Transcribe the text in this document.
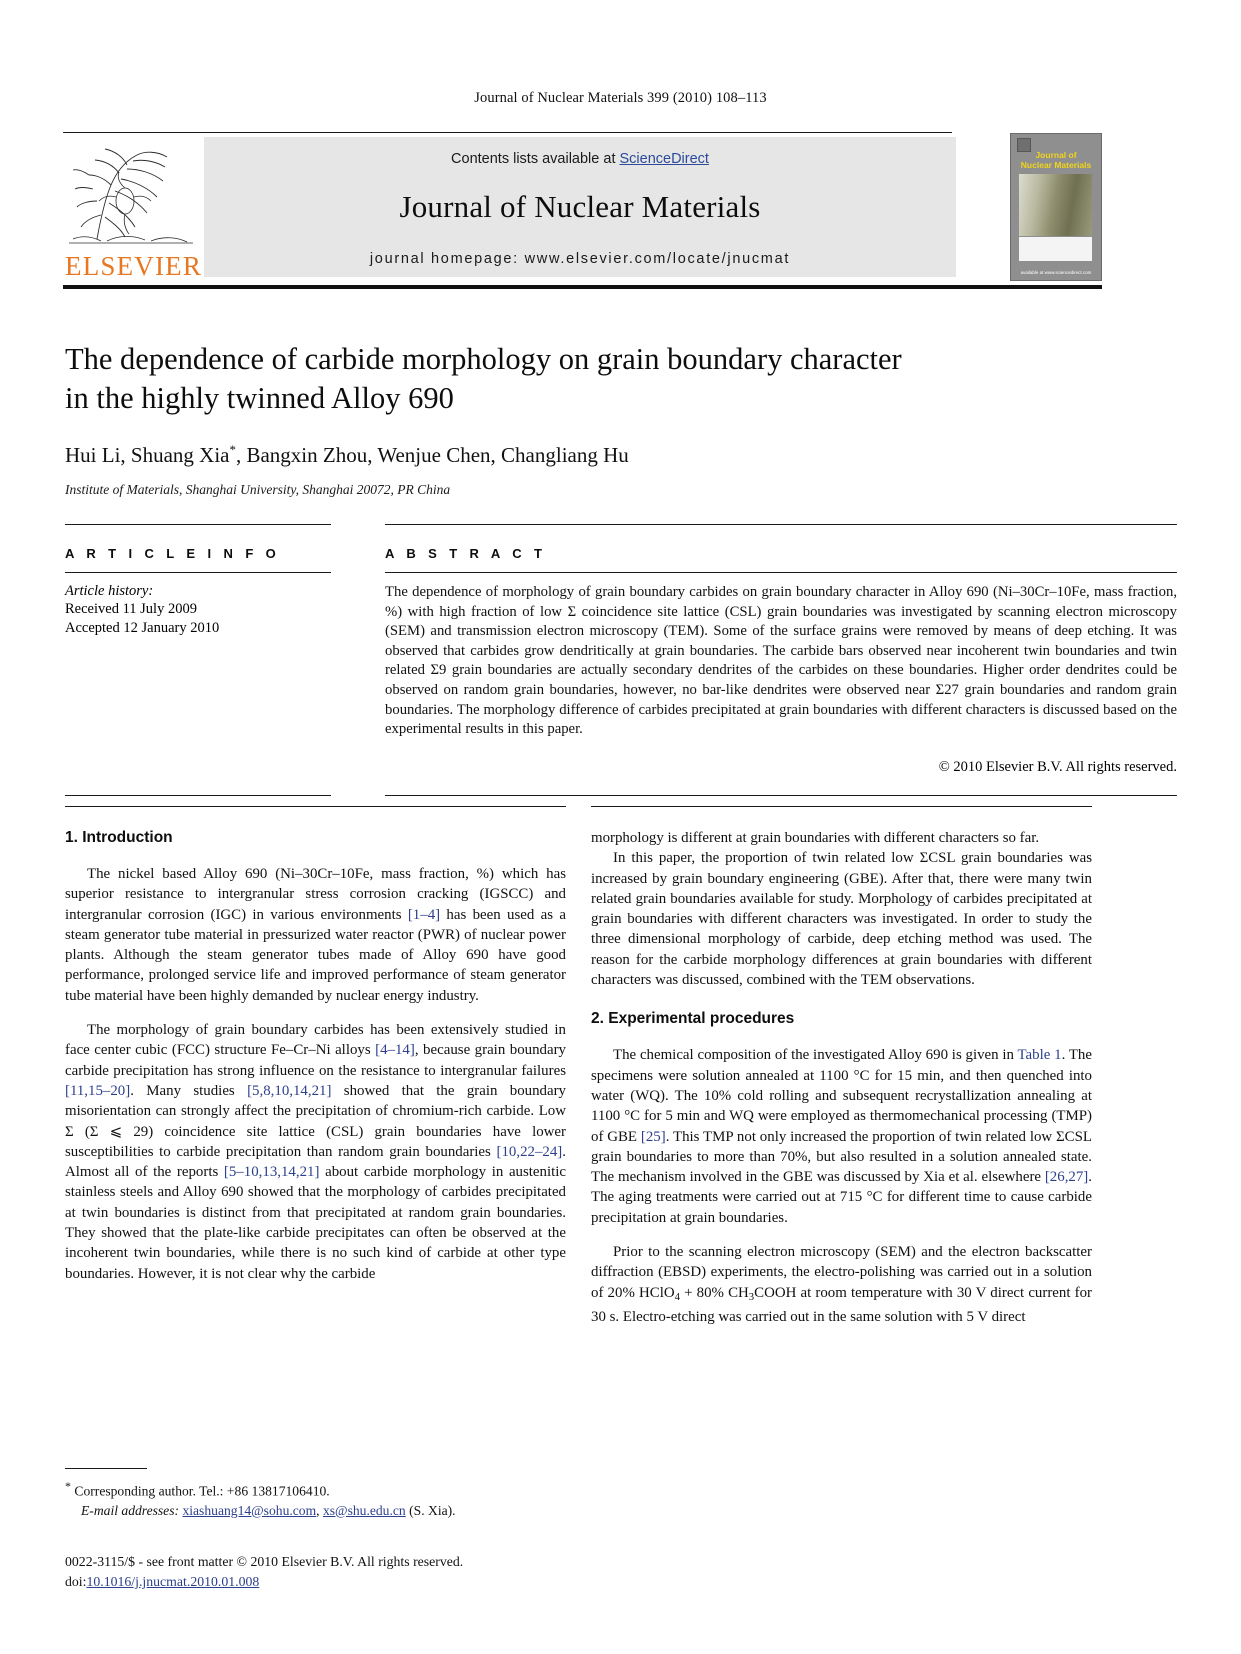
Journal of Nuclear Materials 399 (2010) 108–113
ELSEVIER
Contents lists available at ScienceDirect
Journal of Nuclear Materials
journal homepage: www.elsevier.com/locate/jnucmat
Journal of
Nuclear Materials
available at www.sciencedirect.com
The dependence of carbide morphology on grain boundary character
in the highly twinned Alloy 690
Hui Li, Shuang Xia*, Bangxin Zhou, Wenjue Chen, Changliang Hu
Institute of Materials, Shanghai University, Shanghai 20072, PR China
A R T I C L E I N F O
Article history:
Received 11 July 2009
Accepted 12 January 2010
A B S T R A C T
The dependence of morphology of grain boundary carbides on grain boundary character in Alloy 690 (Ni–30Cr–10Fe, mass fraction, %) with high fraction of low Σ coincidence site lattice (CSL) grain boundaries was investigated by scanning electron microscopy (SEM) and transmission electron microscopy (TEM). Some of the surface grains were removed by means of deep etching. It was observed that carbides grow dendritically at grain boundaries. The carbide bars observed near incoherent twin boundaries and twin related Σ9 grain boundaries are actually secondary dendrites of the carbides on these boundaries. Higher order dendrites could be observed on random grain boundaries, however, no bar-like dendrites were observed near Σ27 grain boundaries and random grain boundaries. The morphology difference of carbides precipitated at grain boundaries with different characters is discussed based on the experimental results in this paper.
© 2010 Elsevier B.V. All rights reserved.
1. Introduction

The nickel based Alloy 690 (Ni–30Cr–10Fe, mass fraction, %) which has superior resistance to intergranular stress corrosion cracking (IGSCC) and intergranular corrosion (IGC) in various environments [1–4] has been used as a steam generator tube material in pressurized water reactor (PWR) of nuclear power plants. Although the steam generator tubes made of Alloy 690 have good performance, prolonged service life and improved performance of steam generator tube material have been highly demanded by nuclear energy industry.

The morphology of grain boundary carbides has been extensively studied in face center cubic (FCC) structure Fe–Cr–Ni alloys [4–14], because grain boundary carbide precipitation has strong influence on the resistance to intergranular failures [11,15–20]. Many studies [5,8,10,14,21] showed that the grain boundary misorientation can strongly affect the precipitation of chromium-rich carbide. Low Σ (Σ ⩽ 29) coincidence site lattice (CSL) grain boundaries have lower susceptibilities to carbide precipitation than random grain boundaries [10,22–24]. Almost all of the reports [5–10,13,14,21] about carbide morphology in austenitic stainless steels and Alloy 690 showed that the morphology of carbides precipitated at twin boundaries is distinct from that precipitated at random grain boundaries. They showed that the plate-like carbide precipitates can often be observed at the incoherent twin boundaries, while there is no such kind of carbide at other type boundaries. However, it is not clear why the carbide

morphology is different at grain boundaries with different characters so far.

In this paper, the proportion of twin related low ΣCSL grain boundaries was increased by grain boundary engineering (GBE). After that, there were many twin related grain boundaries available for study. Morphology of carbides precipitated at grain boundaries with different characters was investigated. In order to study the three dimensional morphology of carbide, deep etching method was used. The reason for the carbide morphology differences at grain boundaries with different characters was discussed, combined with the TEM observations.

2. Experimental procedures

The chemical composition of the investigated Alloy 690 is given in Table 1. The specimens were solution annealed at 1100 °C for 15 min, and then quenched into water (WQ). The 10% cold rolling and subsequent recrystallization annealing at 1100 °C for 5 min and WQ were employed as thermomechanical processing (TMP) of GBE [25]. This TMP not only increased the proportion of twin related low ΣCSL grain boundaries to more than 70%, but also resulted in a solution annealed state. The mechanism involved in the GBE was discussed by Xia et al. elsewhere [26,27]. The aging treatments were carried out at 715 °C for different time to cause carbide precipitation at grain boundaries.

Prior to the scanning electron microscopy (SEM) and the electron backscatter diffraction (EBSD) experiments, the electro-polishing was carried out in a solution of 20% HClO$_4$ + 80% $CH_3COOH$ at room temperature with 30 V direct current for 30 s. Electro-etching was carried out in the same solution with 5 V direct

* Corresponding author. Tel.: +86 13817106410.
E-mail addresses: xiashuang14@sohu.com, xs@shu.edu.cn (S. Xia).
0022-3115/$ - see front matter © 2010 Elsevier B.V. All rights reserved.
doi:10.1016/j.jnucmat.2010.01.008
